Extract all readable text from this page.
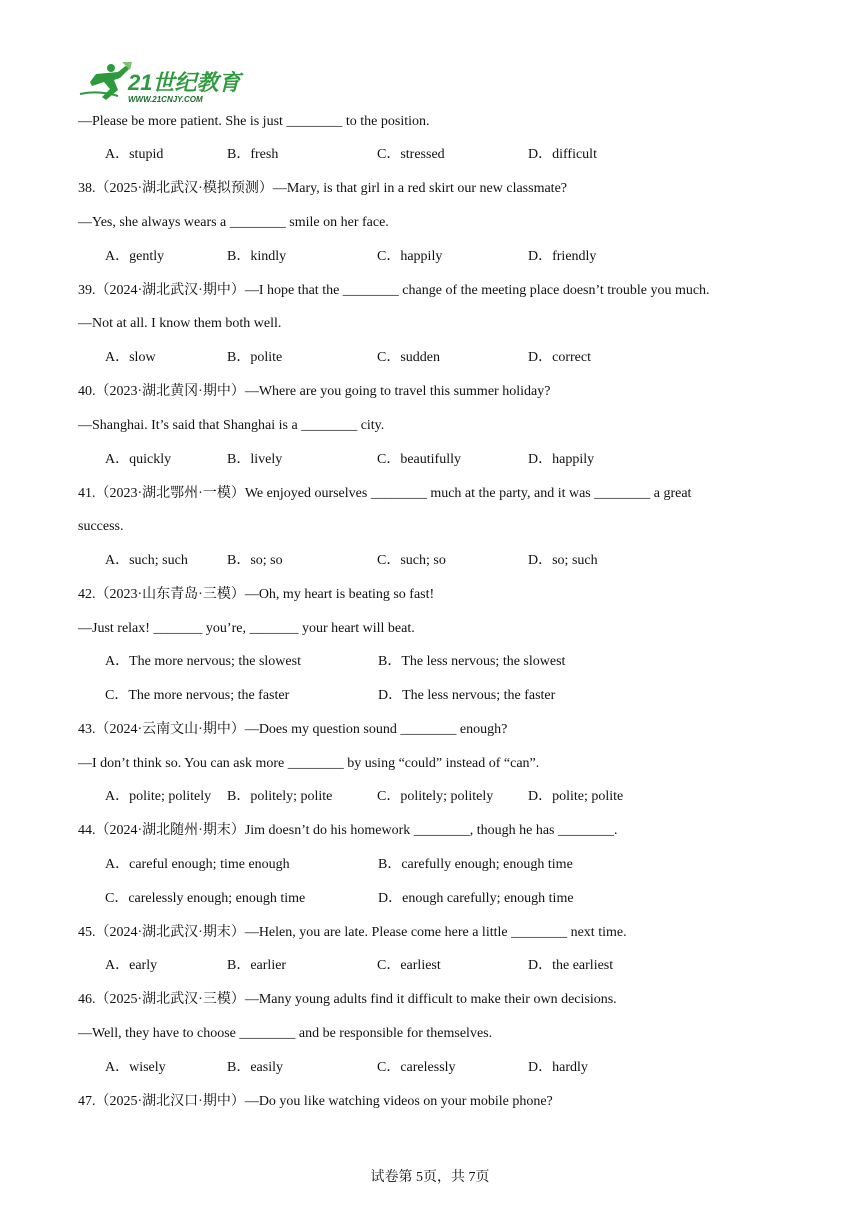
21世纪教育
WWW.21CNJY.COM
—Please be more patient. She is just ________ to the position.
A．stupid	B．fresh	C．stressed	D．difficult
38.（2025·湖北武汉·模拟预测）—Mary, is that girl in a red skirt our new classmate?
—Yes, she always wears a ________ smile on her face.
A．gently	B．kindly	C．happily	D．friendly
39.（2024·湖北武汉·期中）—I hope that the ________ change of the meeting place doesn’t trouble you much.
—Not at all. I know them both well.
A．slow	B．polite	C．sudden	D．correct
40.（2023·湖北黄冈·期中）—Where are you going to travel this summer holiday?
—Shanghai. It’s said that Shanghai is a ________ city.
A．quickly	B．lively	C．beautifully	D．happily
41.（2023·湖北鄂州·一模）We enjoyed ourselves ________ much at the party, and it was ________ a great
success.
A．such; such	B．so; so	C．such; so	D．so; such
42.（2023·山东青岛·三模）—Oh, my heart is beating so fast!
—Just relax! _______ you’re, _______ your heart will beat.
A．The more nervous; the slowest	B．The less nervous; the slowest
C．The more nervous; the faster	D．The less nervous; the faster
43.（2024·云南文山·期中）—Does my question sound ________ enough?
—I don’t think so. You can ask more ________ by using “could” instead of “can”.
A．polite; politely B．politely; polite	C．politely; politely D．polite; polite
44.（2024·湖北随州·期末）Jim doesn’t do his homework ________, though he has ________.
A．careful enough; time enough	B．carefully enough; enough time
C．carelessly enough; enough time	D．enough carefully; enough time
45.（2024·湖北武汉·期末）—Helen, you are late. Please come here a little ________ next time.
A．early	B．earlier	C．earliest	D．the earliest
46.（2025·湖北武汉·三模）—Many young adults find it difficult to make their own decisions.
—Well, they have to choose ________ and be responsible for themselves.
A．wisely	B．easily	C．carelessly	D．hardly
47.（2025·湖北汉口·期中）—Do you like watching videos on your mobile phone?
试卷第 5页，共 7页
